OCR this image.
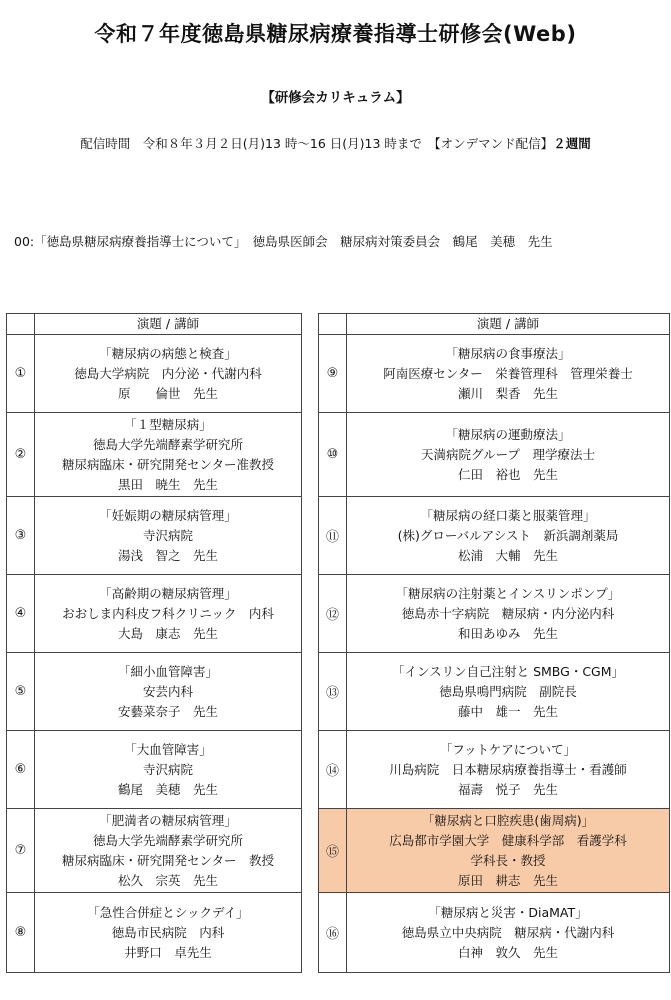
令和７年度徳島県糖尿病療養指導士研修会(Web)
【研修会カリキュラム】
配信時間　令和８年３月２日(月)13 時～16 日(月)13 時まで　【オンデマンド配信】２週間
00:「徳島県糖尿病療養指導士について」　徳島県医師会　糖尿病対策委員会　鶴尾　美穂　先生
	演題 / 講師
①	「糖尿病の病態と検査」
徳島大学病院　内分泌・代謝内科
原　　倫世　先生

②	「１型糖尿病」
徳島大学先端酵素学研究所
糖尿病臨床・研究開発センター准教授
黒田　暁生　先生

③	「妊娠期の糖尿病管理」
寺沢病院
湯浅　智之　先生

④	「高齢期の糖尿病管理」
おおしま内科皮フ科クリニック　内科
大島　康志　先生

⑤	「細小血管障害」
安芸内科
安藝菜奈子　先生

⑥	「大血管障害」
寺沢病院
鶴尾　美穂　先生

⑦	「肥満者の糖尿病管理」
徳島大学先端酵素学研究所
糖尿病臨床・研究開発センター　教授
松久　宗英　先生

⑧	「急性合併症とシックデイ」
徳島市民病院　内科
井野口　卓先生
	演題 / 講師
⑨	「糖尿病の食事療法」
阿南医療センター　栄養管理科　管理栄養士
瀬川　梨香　先生

⑩	「糖尿病の運動療法」
天満病院グループ　理学療法士
仁田　裕也　先生

⑪	「糖尿病の経口薬と服薬管理」
(株)グローバルアシスト　新浜調剤薬局
松浦　大輔　先生

⑫	「糖尿病の注射薬とインスリンポンプ」
徳島赤十字病院　糖尿病・内分泌内科
和田あゆみ　先生

⑬	「インスリン自己注射と SMBG・CGM」
徳島県鳴門病院　副院長
藤中　雄一　先生

⑭	「フットケアについて」
川島病院　日本糖尿病療養指導士・看護師
福壽　悦子　先生

⑮	「糖尿病と口腔疾患(歯周病)」
広島都市学園大学　健康科学部　看護学科
学科長・教授
原田　耕志　先生

⑯	「糖尿病と災害・DiaMAT」
徳島県立中央病院　糖尿病・代謝内科
白神　敦久　先生
